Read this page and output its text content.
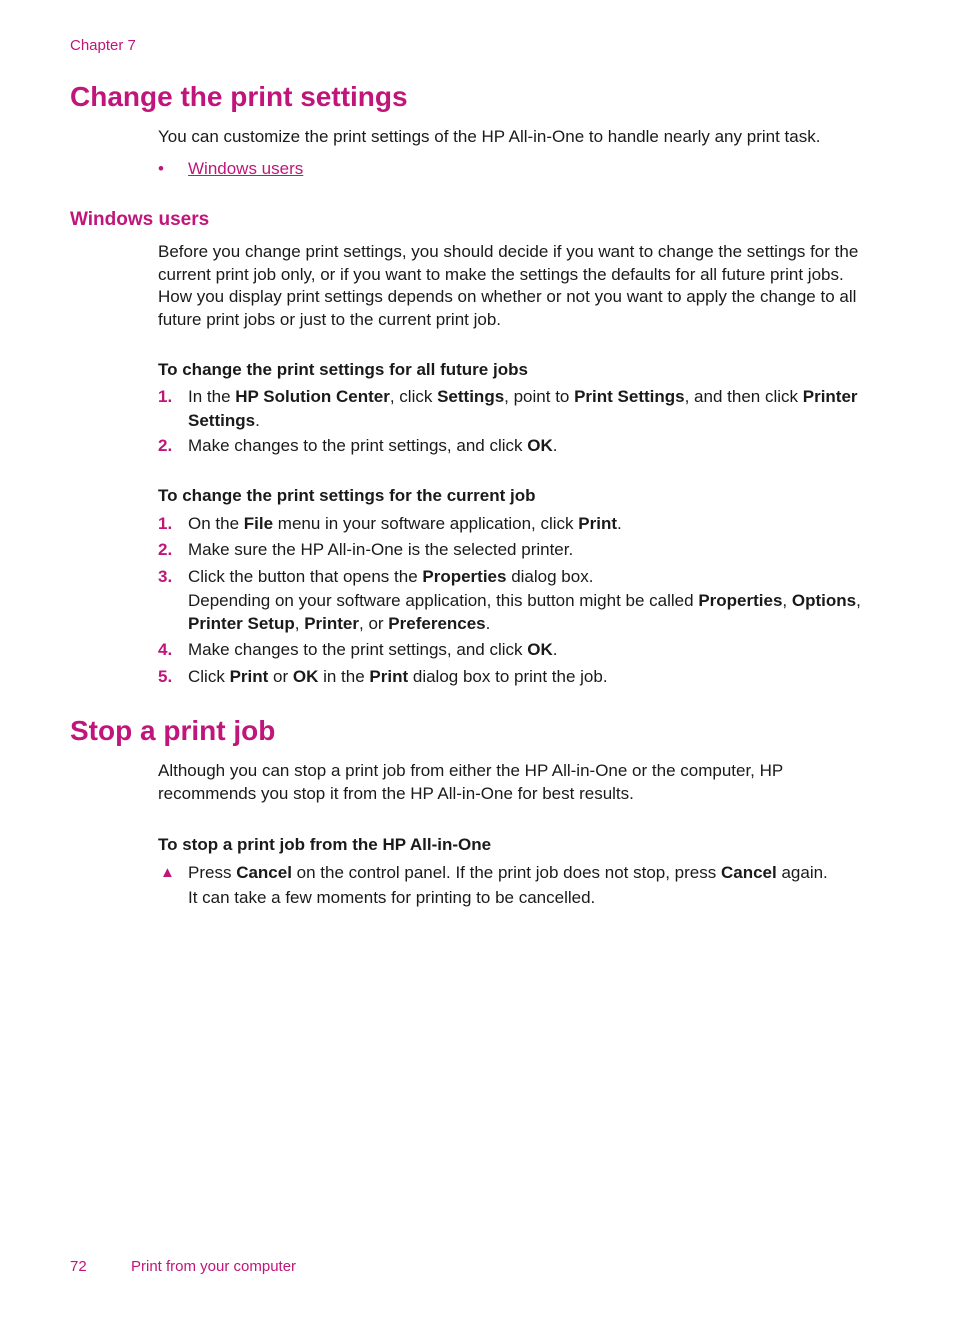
Chapter 7
Change the print settings
You can customize the print settings of the HP All-in-One to handle nearly any print task.
• Windows users
Windows users
Before you change print settings, you should decide if you want to change the settings for the current print job only, or if you want to make the settings the defaults for all future print jobs. How you display print settings depends on whether or not you want to apply the change to all future print jobs or just to the current print job.
To change the print settings for all future jobs
1. In the HP Solution Center, click Settings, point to Print Settings, and then click Printer Settings.
2. Make changes to the print settings, and click OK.
To change the print settings for the current job
1. On the File menu in your software application, click Print.
2. Make sure the HP All-in-One is the selected printer.
3. Click the button that opens the Properties dialog box.
Depending on your software application, this button might be called Properties, Options, Printer Setup, Printer, or Preferences.
4. Make changes to the print settings, and click OK.
5. Click Print or OK in the Print dialog box to print the job.
Stop a print job
Although you can stop a print job from either the HP All-in-One or the computer, HP recommends you stop it from the HP All-in-One for best results.
To stop a print job from the HP All-in-One
▲ Press Cancel on the control panel. If the print job does not stop, press Cancel again.
It can take a few moments for printing to be cancelled.
72	Print from your computer
